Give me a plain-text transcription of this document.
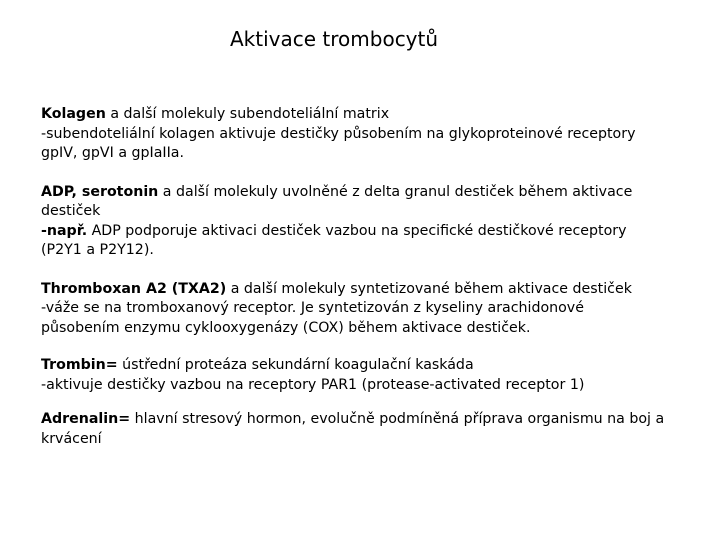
Aktivace trombocytů

Kolagen a další molekuly subendoteliální matrix
-subendoteliální kolagen aktivuje destičky působením na glykoproteinové receptory
gpIV, gpVI a gpIaIIa.

ADP, serotonin a další molekuly uvolněné z delta granul destiček během aktivace
destiček
-např. ADP podporuje aktivaci destiček vazbou na specifické destičkové receptory
(P2Y1 a P2Y12).

Thromboxan A2 (TXA2) a další molekuly syntetizované během aktivace destiček
-váže se na tromboxanový receptor. Je syntetizován z kyseliny arachidonové
působením enzymu cyklooxygenázy (COX) během aktivace destiček.

Trombin= ústřední proteáza sekundární koagulační kaskáda
-aktivuje destičky vazbou na receptory PAR1 (protease-activated receptor 1)

Adrenalin= hlavní stresový hormon, evolučně podmíněná příprava organismu na boj a
krvácení
